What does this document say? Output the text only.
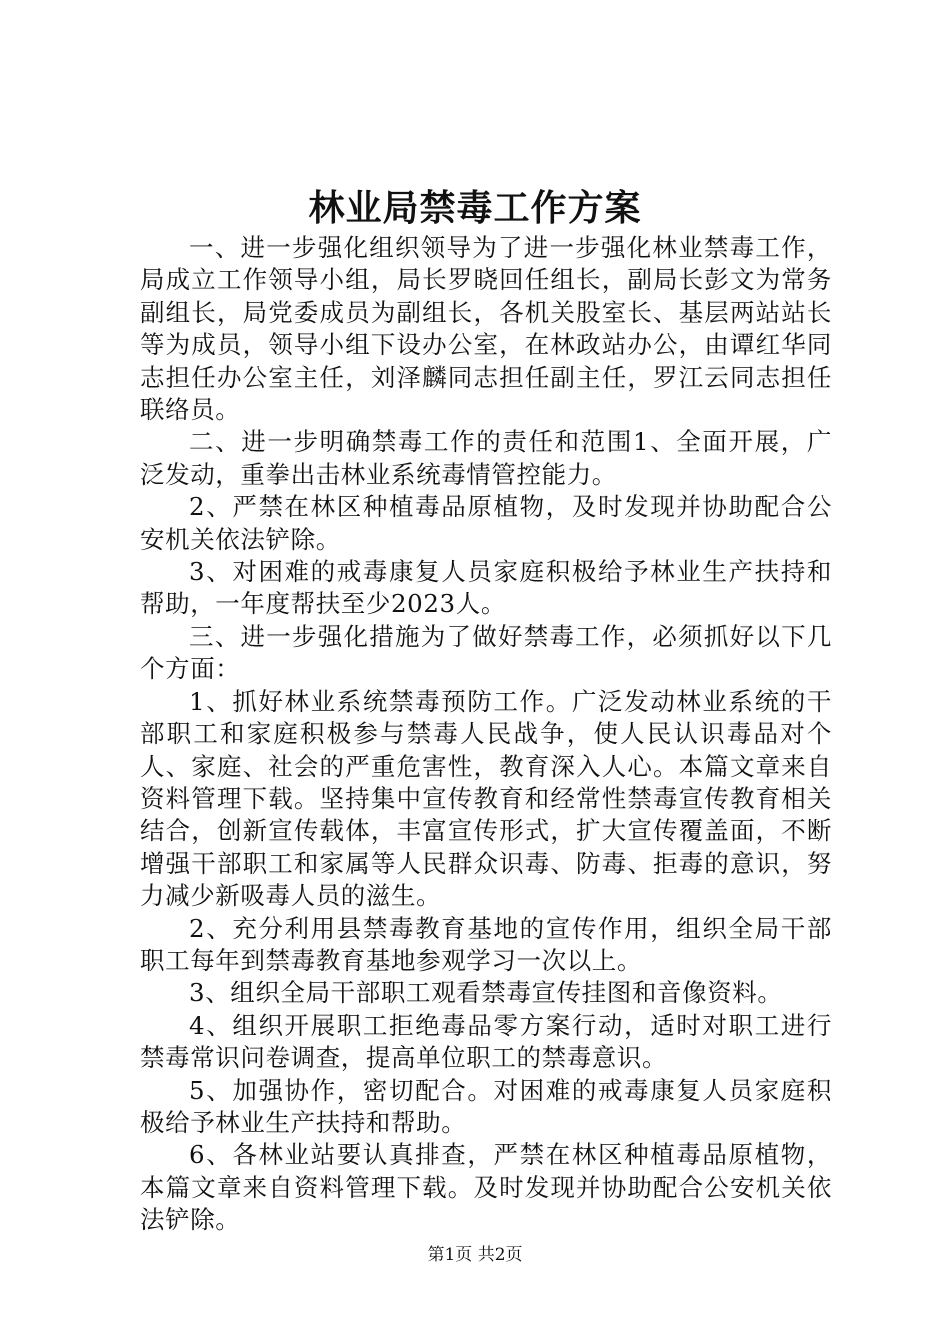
林业局禁毒工作方案

一、进一步强化组织领导为了进一步强化林业禁毒工作，局成立工作领导小组，局长罗晓回任组长，副局长彭文为常务副组长，局党委成员为副组长，各机关股室长、基层两站站长等为成员，领导小组下设办公室，在林政站办公，由谭红华同志担任办公室主任，刘泽麟同志担任副主任，罗江云同志担任联络员。

二、进一步明确禁毒工作的责任和范围1、全面开展，广泛发动，重拳出击林业系统毒情管控能力。

2、严禁在林区种植毒品原植物，及时发现并协助配合公安机关依法铲除。

3、对困难的戒毒康复人员家庭积极给予林业生产扶持和帮助，一年度帮扶至少2023人。

三、进一步强化措施为了做好禁毒工作，必须抓好以下几个方面：

1、抓好林业系统禁毒预防工作。广泛发动林业系统的干部职工和家庭积极参与禁毒人民战争，使人民认识毒品对个人、家庭、社会的严重危害性，教育深入人心。本篇文章来自资料管理下载。坚持集中宣传教育和经常性禁毒宣传教育相关结合，创新宣传载体，丰富宣传形式，扩大宣传覆盖面，不断增强干部职工和家属等人民群众识毒、防毒、拒毒的意识，努力减少新吸毒人员的滋生。

2、充分利用县禁毒教育基地的宣传作用，组织全局干部职工每年到禁毒教育基地参观学习一次以上。

3、组织全局干部职工观看禁毒宣传挂图和音像资料。

4、组织开展职工拒绝毒品零方案行动，适时对职工进行禁毒常识问卷调查，提高单位职工的禁毒意识。

5、加强协作，密切配合。对困难的戒毒康复人员家庭积极给予林业生产扶持和帮助。

6、各林业站要认真排查，严禁在林区种植毒品原植物，本篇文章来自资料管理下载。及时发现并协助配合公安机关依法铲除。

第1页 共2页
